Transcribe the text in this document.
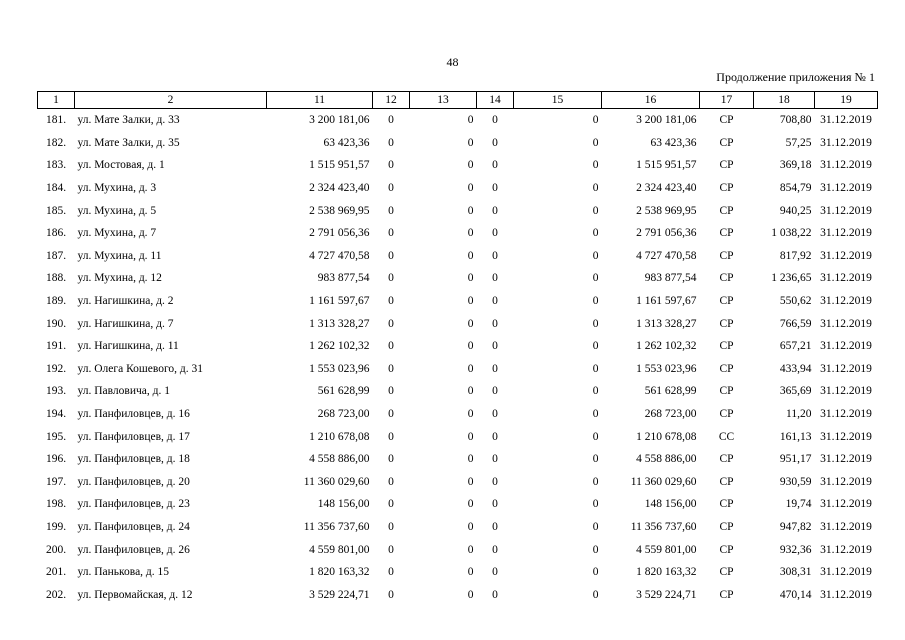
48
Продолжение приложения № 1
1	2	11	12	13	14	15	16	17	18	19
181.	ул. Мате Залки, д. 33	3 200 181,06	0	0	0	0	3 200 181,06	СР	708,80	31.12.2019
182.	ул. Мате Залки, д. 35	63 423,36	0	0	0	0	63 423,36	СР	57,25	31.12.2019
183.	ул. Мостовая, д. 1	1 515 951,57	0	0	0	0	1 515 951,57	СР	369,18	31.12.2019
184.	ул. Мухина, д. 3	2 324 423,40	0	0	0	0	2 324 423,40	СР	854,79	31.12.2019
185.	ул. Мухина, д. 5	2 538 969,95	0	0	0	0	2 538 969,95	СР	940,25	31.12.2019
186.	ул. Мухина, д. 7	2 791 056,36	0	0	0	0	2 791 056,36	СР	1 038,22	31.12.2019
187.	ул. Мухина, д. 11	4 727 470,58	0	0	0	0	4 727 470,58	СР	817,92	31.12.2019
188.	ул. Мухина, д. 12	983 877,54	0	0	0	0	983 877,54	СР	1 236,65	31.12.2019
189.	ул. Нагишкина, д. 2	1 161 597,67	0	0	0	0	1 161 597,67	СР	550,62	31.12.2019
190.	ул. Нагишкина, д. 7	1 313 328,27	0	0	0	0	1 313 328,27	СР	766,59	31.12.2019
191.	ул. Нагишкина, д. 11	1 262 102,32	0	0	0	0	1 262 102,32	СР	657,21	31.12.2019
192.	ул. Олега Кошевого, д. 31	1 553 023,96	0	0	0	0	1 553 023,96	СР	433,94	31.12.2019
193.	ул. Павловича, д. 1	561 628,99	0	0	0	0	561 628,99	СР	365,69	31.12.2019
194.	ул. Панфиловцев, д. 16	268 723,00	0	0	0	0	268 723,00	СР	11,20	31.12.2019
195.	ул. Панфиловцев, д. 17	1 210 678,08	0	0	0	0	1 210 678,08	СС	161,13	31.12.2019
196.	ул. Панфиловцев, д. 18	4 558 886,00	0	0	0	0	4 558 886,00	СР	951,17	31.12.2019
197.	ул. Панфиловцев, д. 20	11 360 029,60	0	0	0	0	11 360 029,60	СР	930,59	31.12.2019
198.	ул. Панфиловцев, д. 23	148 156,00	0	0	0	0	148 156,00	СР	19,74	31.12.2019
199.	ул. Панфиловцев, д. 24	11 356 737,60	0	0	0	0	11 356 737,60	СР	947,82	31.12.2019
200.	ул. Панфиловцев, д. 26	4 559 801,00	0	0	0	0	4 559 801,00	СР	932,36	31.12.2019
201.	ул. Панькова, д. 15	1 820 163,32	0	0	0	0	1 820 163,32	СР	308,31	31.12.2019
202.	ул. Первомайская, д. 12	3 529 224,71	0	0	0	0	3 529 224,71	СР	470,14	31.12.2019
